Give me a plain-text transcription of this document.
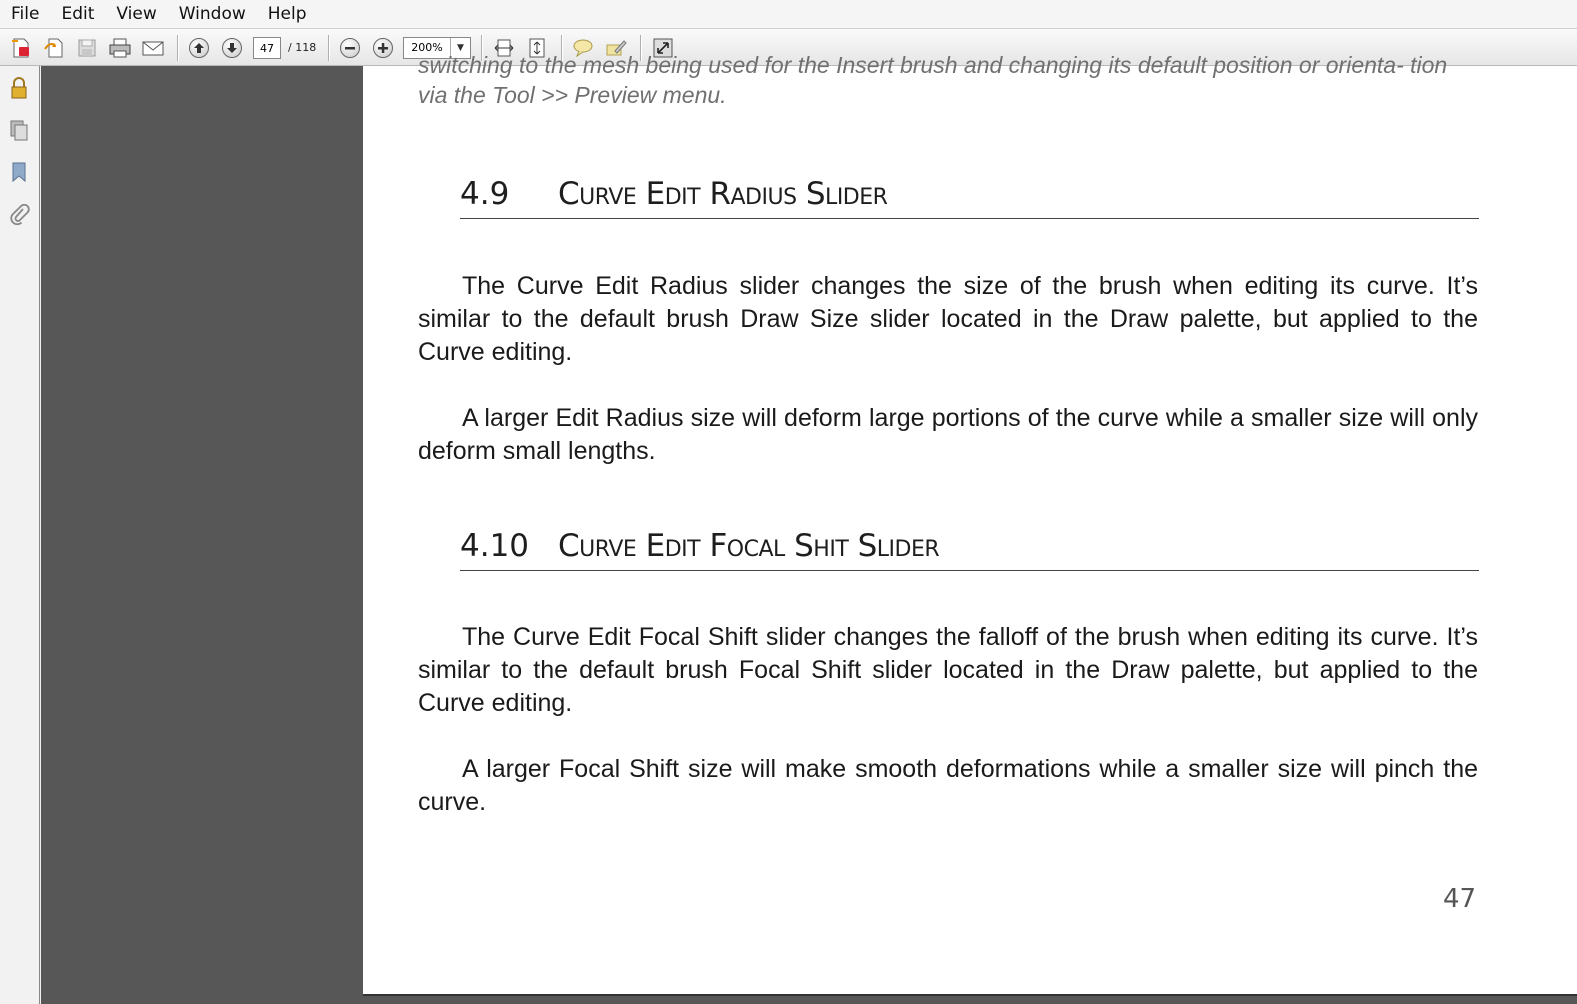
File	Edit	View	Window	Help
47
/ 118	200%	▼
switching to the mesh being used for the Insert brush and changing its default position or orienta- tion via the Tool >> Preview menu.
4.9 Curve Edit Radius Slider
The Curve Edit Radius slider changes the size of the brush when editing its curve. It’s similar to the default brush Draw Size slider located in the Draw palette, but applied to the Curve editing.
A larger Edit Radius size will deform large portions of the curve while a smaller size will only deform small lengths.
4.10 Curve Edit Focal Shit Slider
The Curve Edit Focal Shift slider changes the falloff of the brush when editing its curve. It’s similar to the default brush Focal Shift slider located in the Draw palette, but applied to the Curve editing.
A larger Focal Shift size will make smooth deformations while a smaller size will pinch the curve.
47
